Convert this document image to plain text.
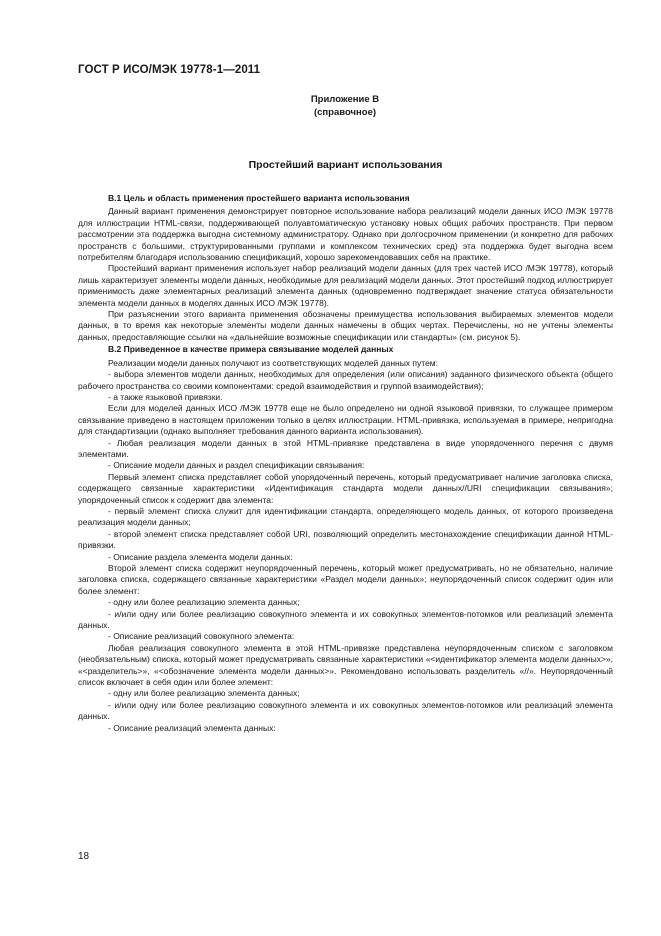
ГОСТ Р ИСО/МЭК 19778-1—2011
Приложение В
(справочное)
Простейший вариант использования

B.1 Цель и область применения простейшего варианта использования

Данный вариант применения демонстрирует повторное использование набора реализаций модели данных ИСО /МЭК 19778 для иллюстрации HTML-связи, поддерживающей полуавтоматическую установку новых общих рабочих пространств. При первом рассмотрении эта поддержка выгодна системному администратору. Однако при долгосрочном применении (и конкретно для рабочих пространств с большими, структурированными группами и комплексом технических сред) эта поддержка будет выгодна всем потребителям благодаря использованию спецификаций, хорошо зарекомендовавших себя на практике.

Простейший вариант применения использует набор реализаций модели данных (для трех частей ИСО /МЭК 19778), который лишь характеризует элементы модели данных, необходимые для реализаций модели данных. Этот простейший подход иллюстрирует применимость даже элементарных реализаций элемента данных (одновременно подтверждает значение статуса обязательности элемента модели данных в моделях данных ИСО /МЭК 19778).

При разъяснении этого варианта применения обозначены преимущества использования выбираемых элементов модели данных, в то время как некоторые элементы модели данных намечены в общих чертах. Перечислены, но не учтены элементы данных, предоставляющие ссылки на «дальнейшие возможные спецификации или стандарты» (см. рисунок 5).

B.2 Приведенное в качестве примера связывание моделей данных

Реализации модели данных получают из соответствующих моделей данных путем:

- выбора элементов модели данных, необходимых для определения (или описания) заданного физического объекта (общего рабочего пространства со своими компонентами: средой взаимодействия и группой взаимодействия);

- а также языковой привязки.

Если для моделей данных ИСО /МЭК 19778 еще не было определено ни одной языковой привязки, то служащее примером связывание приведено в настоящем приложении только в целях иллюстрации. HTML-привязка, используемая в примере, непригодна для стандартизации (однако выполняет требования данного варианта использования).

- Любая реализация модели данных в этой HTML-привязке представлена в виде упорядоченного перечня с двумя элементами.

- Описание модели данных и раздел спецификации связывания:

Первый элемент списка представляет собой упорядоченный перечень, который предусматривает наличие заголовка списка, содержащего связанные характеристики «Идентификация стандарта модели данных//URI спецификации связывания»; упорядоченный список к содержит два элемента:

- первый элемент списка служит для идентификации стандарта, определяющего модель данных, от которого произведена реализация модели данных;

- второй элемент списка представляет собой URI, позволяющий определить местонахождение спецификации данной HTML-привязки.

- Описание раздела элемента модели данных:

Второй элемент списка содержит неупорядоченный перечень, который может предусматривать, но не обязательно, наличие заголовка списка, содержащего связанные характеристики «Раздел модели данных»; неупорядоченный список содержит один или более элемент:

- одну или более реализацию элемента данных;

- и/или одну или более реализацию совокупного элемента и их совокупных элементов-потомков или реализаций элемента данных.

- Описание реализаций совокупного элемента:

Любая реализация совокупного элемента в этой HTML-привязке представлена неупорядоченным списком с заголовком (необязательным) списка, который может предусматривать связанные характеристики «<идентификатор элемента модели данных>», «<разделитель>», «<обозначение элемента модели данных>». Рекомендовано использовать разделитель «//». Неупорядоченный список включает в себя один или более элемент:

- одну или более реализацию элемента данных;

- и/или одну или более реализацию совокупного элемента и их совокупных элементов-потомков или реализаций элемента данных.

- Описание реализаций элемента данных:

18
